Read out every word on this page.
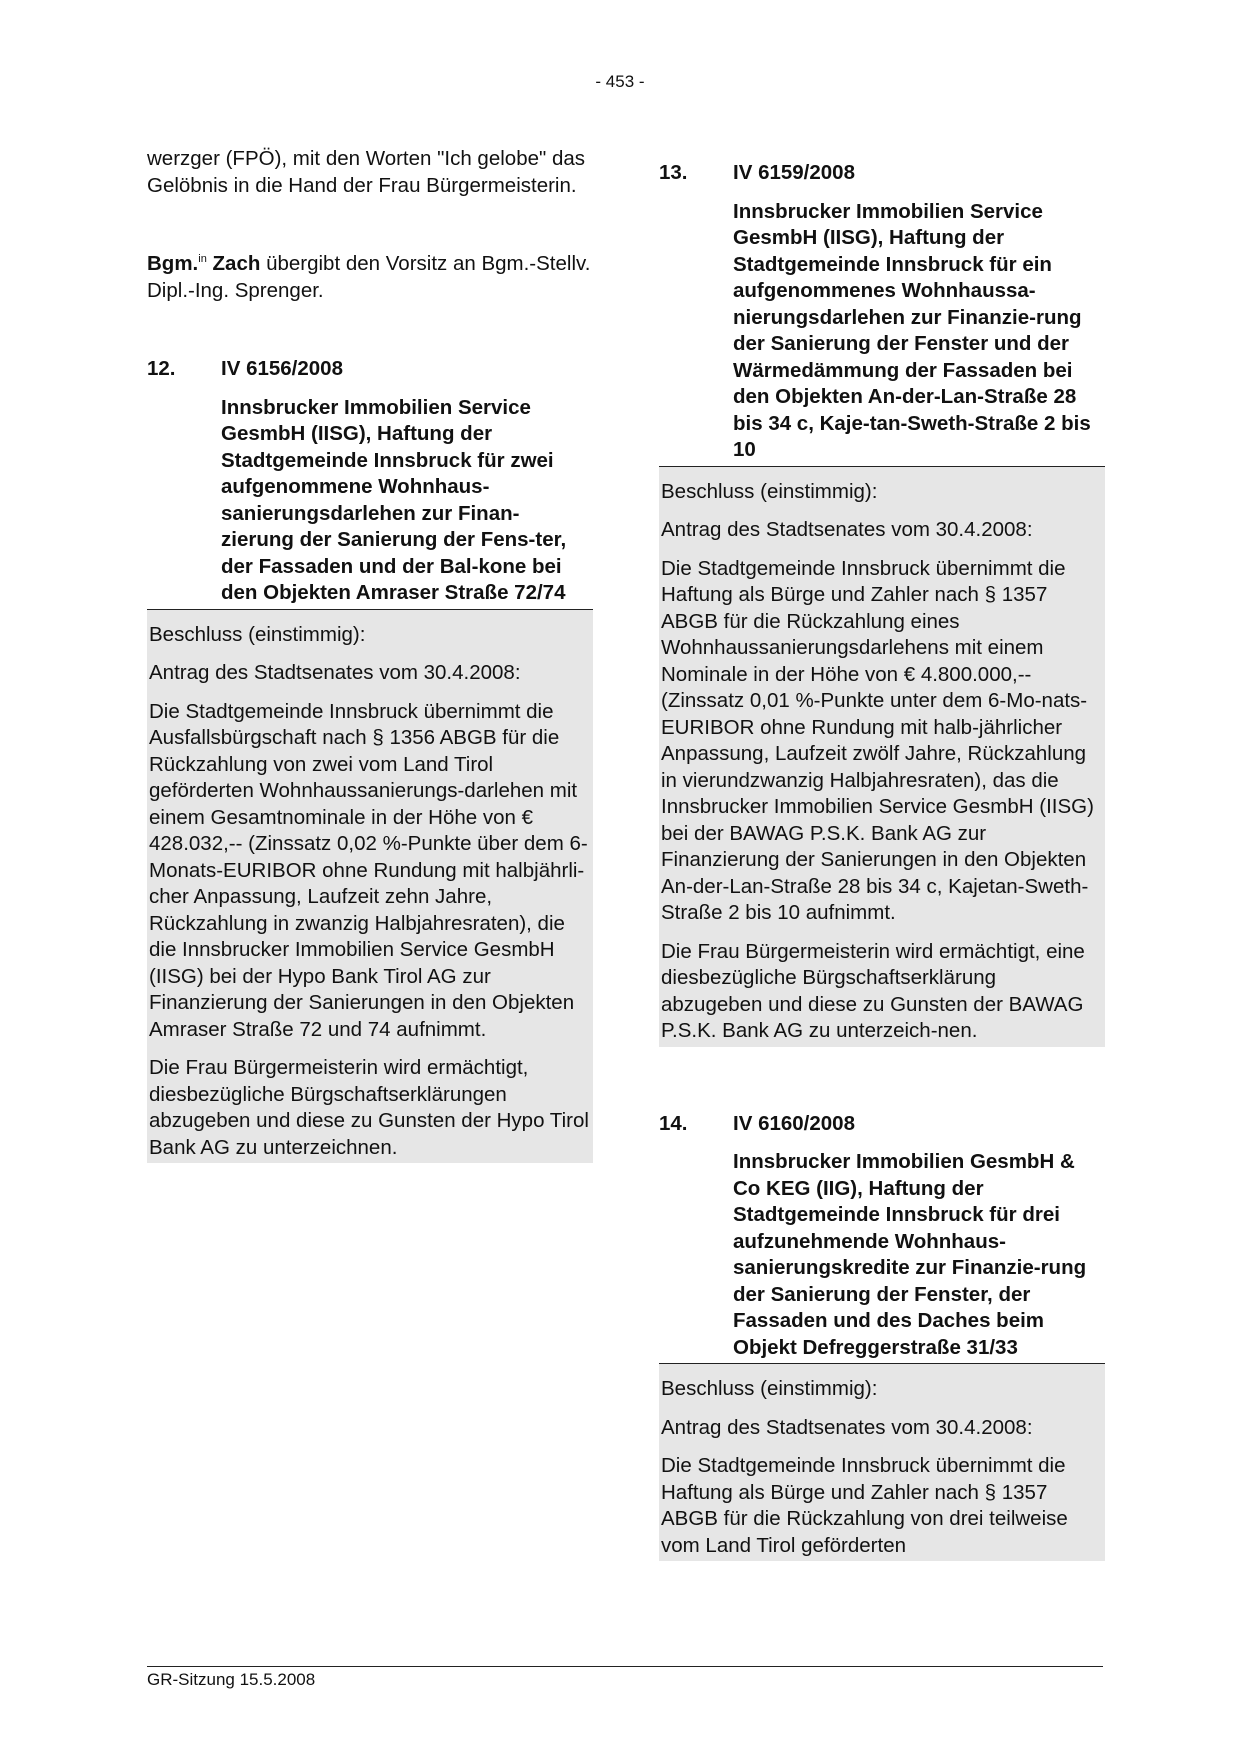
- 453 -

werzger (FPÖ), mit den Worten "Ich gelobe" das Gelöbnis in die Hand der Frau Bürgermeisterin.

Bgm.$^{in}$ Zach übergibt den Vorsitz an Bgm.-Stellv. Dipl.-Ing. Sprenger.

12.	IV 6156/2008
Innsbrucker Immobilien Service GesmbH (IISG), Haftung der Stadtgemeinde Innsbruck für zwei aufgenommene Wohnhaus-sanierungsdarlehen zur Finan-zierung der Sanierung der Fens-ter, der Fassaden und der Bal-kone bei den Objekten Amraser Straße 72/74

Beschluss (einstimmig):

Antrag des Stadtsenates vom 30.4.2008:

Die Stadtgemeinde Innsbruck übernimmt die Ausfallsbürgschaft nach § 1356 ABGB für die Rückzahlung von zwei vom Land Tirol geförderten Wohnhaussanierungs-darlehen mit einem Gesamtnominale in der Höhe von € 428.032,-- (Zinssatz 0,02 %-Punkte über dem 6-Monats-EURIBOR ohne Rundung mit halbjährli-cher Anpassung, Laufzeit zehn Jahre, Rückzahlung in zwanzig Halbjahresraten), die die Innsbrucker Immobilien Service GesmbH (IISG) bei der Hypo Bank Tirol AG zur Finanzierung der Sanierungen in den Objekten Amraser Straße 72 und 74 aufnimmt.

Die Frau Bürgermeisterin wird ermächtigt, diesbezügliche Bürgschaftserklärungen abzugeben und diese zu Gunsten der Hypo Tirol Bank AG zu unterzeichnen.

13.	IV 6159/2008
Innsbrucker Immobilien Service GesmbH (IISG), Haftung der Stadtgemeinde Innsbruck für ein aufgenommenes Wohnhaussa-nierungsdarlehen zur Finanzie-rung der Sanierung der Fenster und der Wärmedämmung der Fassaden bei den Objekten An-der-Lan-Straße 28 bis 34 c, Kaje-tan-Sweth-Straße 2 bis 10

Beschluss (einstimmig):

Antrag des Stadtsenates vom 30.4.2008:

Die Stadtgemeinde Innsbruck übernimmt die Haftung als Bürge und Zahler nach § 1357 ABGB für die Rückzahlung eines Wohnhaussanierungsdarlehens mit einem Nominale in der Höhe von € 4.800.000,-- (Zinssatz 0,01 %-Punkte unter dem 6-Mo-nats-EURIBOR ohne Rundung mit halb-jährlicher Anpassung, Laufzeit zwölf Jahre, Rückzahlung in vierundzwanzig Halbjahresraten), das die Innsbrucker Immobilien Service GesmbH (IISG) bei der BAWAG P.S.K. Bank AG zur Finanzierung der Sanierungen in den Objekten An-der-Lan-Straße 28 bis 34 c, Kajetan-Sweth-Straße 2 bis 10 aufnimmt.

Die Frau Bürgermeisterin wird ermächtigt, eine diesbezügliche Bürgschaftserklärung abzugeben und diese zu Gunsten der BAWAG P.S.K. Bank AG zu unterzeich-nen.

14.	IV 6160/2008
Innsbrucker Immobilien GesmbH & Co KEG (IIG), Haftung der Stadtgemeinde Innsbruck für drei aufzunehmende Wohnhaus-sanierungskredite zur Finanzie-rung der Sanierung der Fenster, der Fassaden und des Daches beim Objekt Defreggerstraße 31/33

Beschluss (einstimmig):

Antrag des Stadtsenates vom 30.4.2008:

Die Stadtgemeinde Innsbruck übernimmt die Haftung als Bürge und Zahler nach § 1357 ABGB für die Rückzahlung von drei teilweise vom Land Tirol geförderten

GR-Sitzung 15.5.2008
